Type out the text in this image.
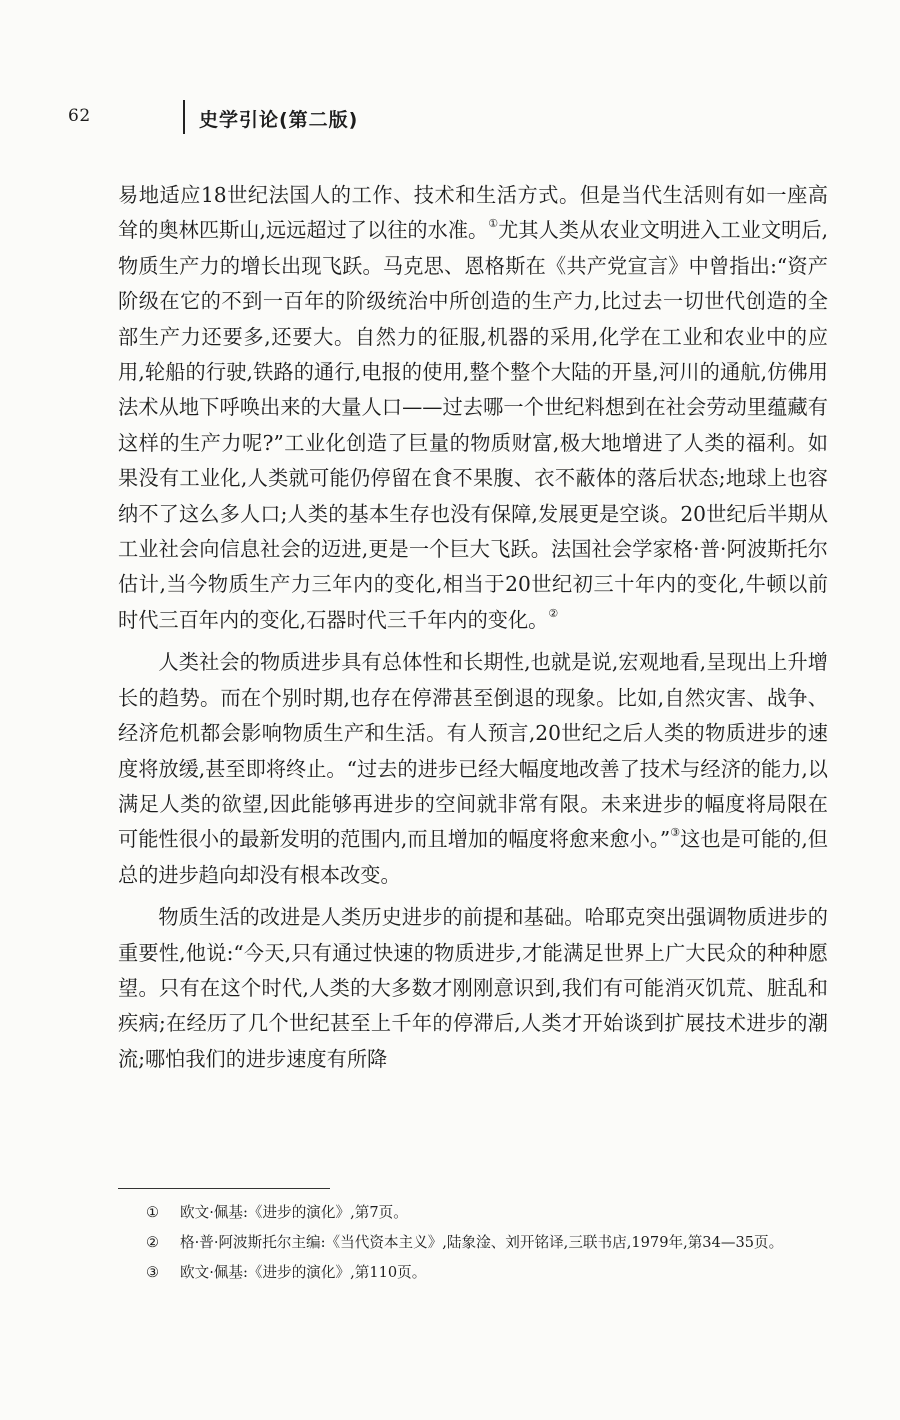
62	史学引论(第二版)

易地适应18世纪法国人的工作、技术和生活方式。但是当代生活则有如一座高耸的奥林匹斯山,远远超过了以往的水准。①尤其人类从农业文明进入工业文明后,物质生产力的增长出现飞跃。马克思、恩格斯在《共产党宣言》中曾指出:“资产阶级在它的不到一百年的阶级统治中所创造的生产力,比过去一切世代创造的全部生产力还要多,还要大。自然力的征服,机器的采用,化学在工业和农业中的应用,轮船的行驶,铁路的通行,电报的使用,整个整个大陆的开垦,河川的通航,仿佛用法术从地下呼唤出来的大量人口——过去哪一个世纪料想到在社会劳动里蕴藏有这样的生产力呢?”工业化创造了巨量的物质财富,极大地增进了人类的福利。如果没有工业化,人类就可能仍停留在食不果腹、衣不蔽体的落后状态;地球上也容纳不了这么多人口;人类的基本生存也没有保障,发展更是空谈。20世纪后半期从工业社会向信息社会的迈进,更是一个巨大飞跃。法国社会学家格·普·阿波斯托尔估计,当今物质生产力三年内的变化,相当于20世纪初三十年内的变化,牛顿以前时代三百年内的变化,石器时代三千年内的变化。②

人类社会的物质进步具有总体性和长期性,也就是说,宏观地看,呈现出上升增长的趋势。而在个别时期,也存在停滞甚至倒退的现象。比如,自然灾害、战争、经济危机都会影响物质生产和生活。有人预言,20世纪之后人类的物质进步的速度将放缓,甚至即将终止。“过去的进步已经大幅度地改善了技术与经济的能力,以满足人类的欲望,因此能够再进步的空间就非常有限。未来进步的幅度将局限在可能性很小的最新发明的范围内,而且增加的幅度将愈来愈小。”③这也是可能的,但总的进步趋向却没有根本改变。

物质生活的改进是人类历史进步的前提和基础。哈耶克突出强调物质进步的重要性,他说:“今天,只有通过快速的物质进步,才能满足世界上广大民众的种种愿望。只有在这个时代,人类的大多数才刚刚意识到,我们有可能消灭饥荒、脏乱和疾病;在经历了几个世纪甚至上千年的停滞后,人类才开始谈到扩展技术进步的潮流;哪怕我们的进步速度有所降

① 欧文·佩基:《进步的演化》,第7页。

② 格·普·阿波斯托尔主编:《当代资本主义》,陆象淦、刘开铭译,三联书店,1979年,第34—35页。

③ 欧文·佩基:《进步的演化》,第110页。
